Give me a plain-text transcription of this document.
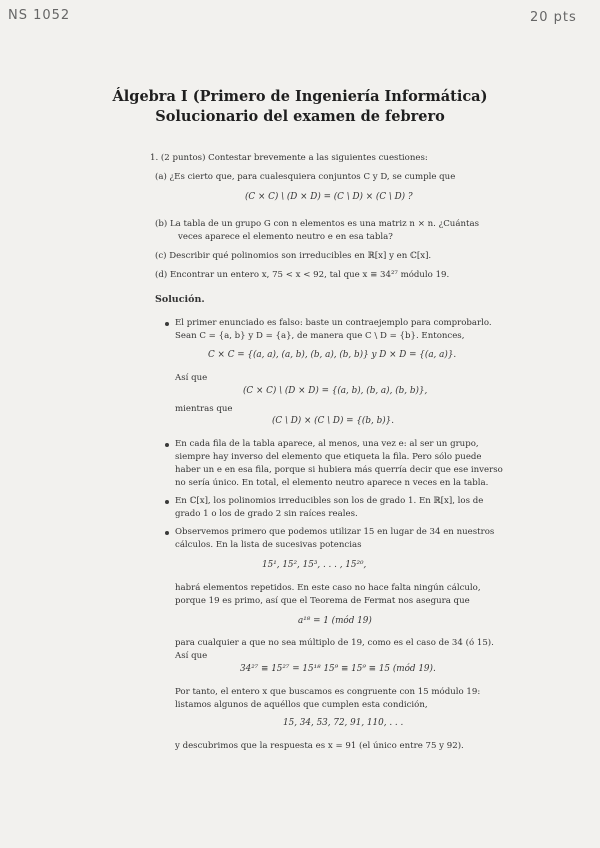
NS 1052	20 pts
Álgebra I (Primero de Ingeniería Informática)
Solucionario del examen de febrero
1. (2 puntos) Contestar brevemente a las siguientes cuestiones:
(a) ¿Es cierto que, para cualesquiera conjuntos C y D, se cumple que
(C × C) \ (D × D) = (C \ D) × (C \ D) ?
(b) La tabla de un grupo G con n elementos es una matriz n × n. ¿Cuántas
veces aparece el elemento neutro e en esa tabla?
(c) Describir qué polinomios son irreducibles en ℝ[x] y en ℂ[x].
(d) Encontrar un entero x, 75 < x < 92, tal que x ≡ 34²⁷ módulo 19.
Solución.
El primer enunciado es falso: baste un contraejemplo para comprobarlo.
Sean C = {a, b} y D = {a}, de manera que C \ D = {b}. Entonces,
C × C = {(a, a), (a, b), (b, a), (b, b)} y D × D = {(a, a)}.
Así que
(C × C) \ (D × D) = {(a, b), (b, a), (b, b)},
mientras que
(C \ D) × (C \ D) = {(b, b)}.
En cada fila de la tabla aparece, al menos, una vez e: al ser un grupo,
siempre hay inverso del elemento que etiqueta la fila. Pero sólo puede
haber un e en esa fila, porque si hubiera más querría decir que ese inverso
no sería único. En total, el elemento neutro aparece n veces en la tabla.
En ℂ[x], los polinomios irreducibles son los de grado 1. En ℝ[x], los de
grado 1 o los de grado 2 sin raíces reales.
Observemos primero que podemos utilizar 15 en lugar de 34 en nuestros
cálculos. En la lista de sucesivas potencias
15¹, 15², 15³, . . . , 15²⁰,
habrá elementos repetidos. En este caso no hace falta ningún cálculo,
porque 19 es primo, así que el Teorema de Fermat nos asegura que
a¹⁸ = 1 (mód 19)
para cualquier a que no sea múltiplo de 19, como es el caso de 34 (ó 15).
Así que
34²⁷ ≡ 15²⁷ = 15¹⁸ 15⁹ ≡ 15⁹ ≡ 15 (mód 19).
Por tanto, el entero x que buscamos es congruente con 15 módulo 19:
listamos algunos de aquéllos que cumplen esta condición,
15, 34, 53, 72, 91, 110, . . .
y descubrimos que la respuesta es x = 91 (el único entre 75 y 92).
